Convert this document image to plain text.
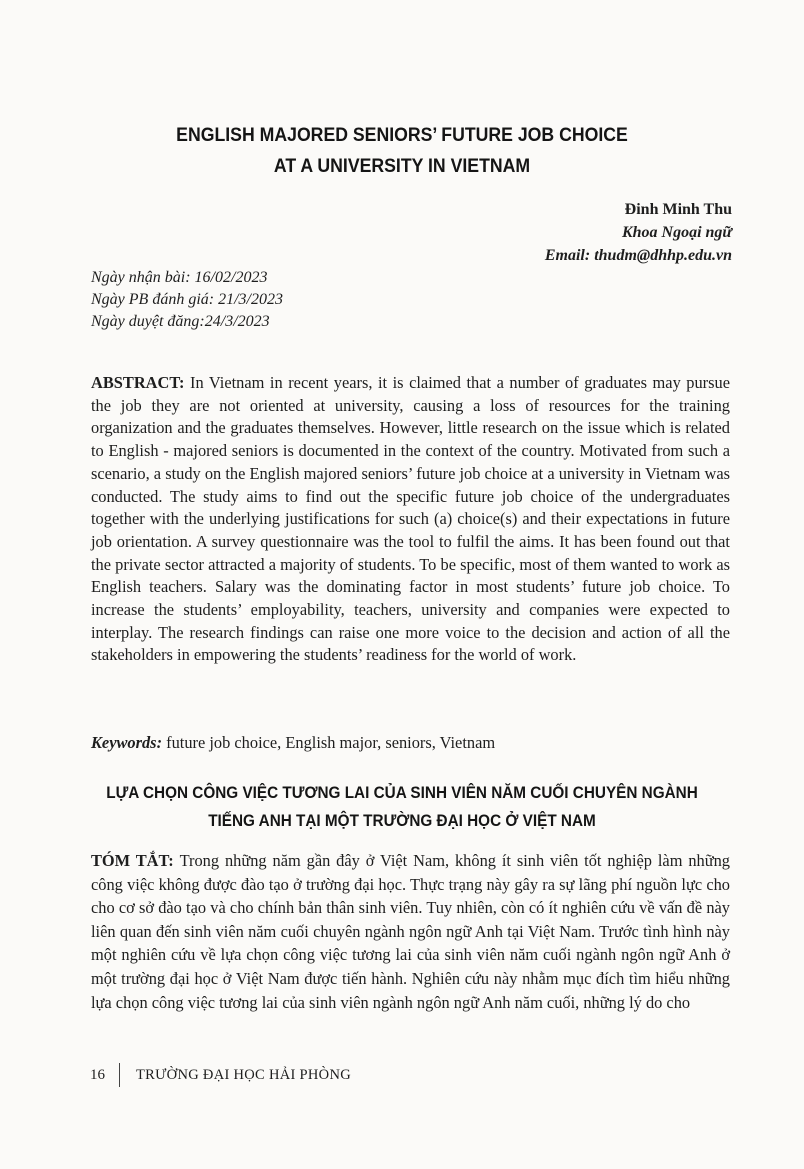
ENGLISH MAJORED SENIORS’ FUTURE JOB CHOICE
AT A UNIVERSITY IN VIETNAM
Đinh Minh Thu
Khoa Ngoại ngữ
Email: thudm@dhhp.edu.vn
Ngày nhận bài: 16/02/2023
Ngày PB đánh giá: 21/3/2023
Ngày duyệt đăng:24/3/2023
ABSTRACT: In Vietnam in recent years, it is claimed that a number of graduates may pursue the job they are not oriented at university, causing a loss of resources for the training organization and the graduates themselves. However, little research on the issue which is related to English - majored seniors is documented in the context of the country. Motivated from such a scenario, a study on the English majored seniors’ future job choice at a university in Vietnam was conducted. The study aims to find out the specific future job choice of the undergraduates together with the underlying justifications for such (a) choice(s) and their expectations in future job orientation. A survey questionnaire was the tool to fulfil the aims. It has been found out that the private sector attracted a majority of students. To be specific, most of them wanted to work as English teachers. Salary was the dominating factor in most students’ future job choice. To increase the students’ employability, teachers, university and companies were expected to interplay. The research findings can raise one more voice to the decision and action of all the stakeholders in empowering the students’ readiness for the world of work.
Keywords: future job choice, English major, seniors, Vietnam
LỰA CHỌN CÔNG VIỆC TƯƠNG LAI CỦA SINH VIÊN NĂM CUỐI CHUYÊN NGÀNH
TIẾNG ANH TẠI MỘT TRƯỜNG ĐẠI HỌC Ở VIỆT NAM
TÓM TẮT: Trong những năm gần đây ở Việt Nam, không ít sinh viên tốt nghiệp làm những công việc không được đào tạo ở trường đại học. Thực trạng này gây ra sự lãng phí nguồn lực cho cho cơ sở đào tạo và cho chính bản thân sinh viên. Tuy nhiên, còn có ít nghiên cứu về vấn đề này liên quan đến sinh viên năm cuối chuyên ngành ngôn ngữ Anh tại Việt Nam. Trước tình hình này một nghiên cứu về lựa chọn công việc tương lai của sinh viên năm cuối ngành ngôn ngữ Anh ở một trường đại học ở Việt Nam được tiến hành. Nghiên cứu này nhằm mục đích tìm hiểu những lựa chọn công việc tương lai của sinh viên ngành ngôn ngữ Anh năm cuối, những lý do cho
16 TRƯỜNG ĐẠI HỌC HẢI PHÒNG
